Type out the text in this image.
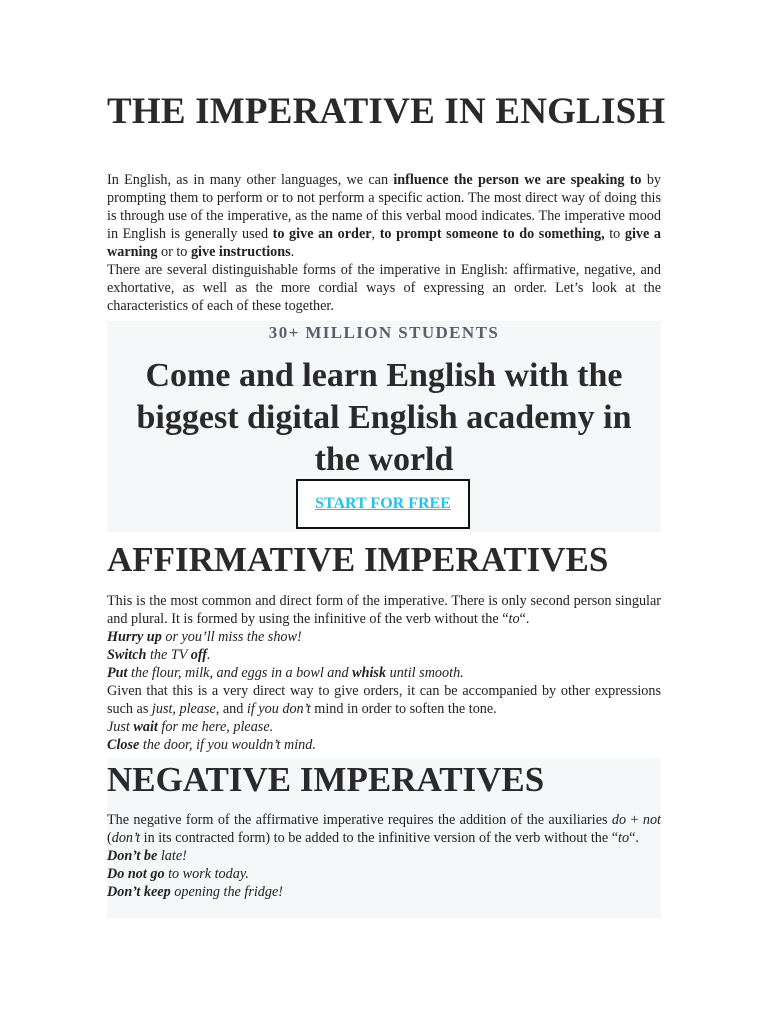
THE IMPERATIVE IN ENGLISH

In English, as in many other languages, we can influence the person we are speaking to by prompting them to perform or to not perform a specific action. The most direct way of doing this is through use of the imperative, as the name of this verbal mood indicates. The imperative mood in English is generally used to give an order, to prompt someone to do something, to give a warning or to give instructions.

There are several distinguishable forms of the imperative in English: affirmative, negative, and exhortative, as well as the more cordial ways of expressing an order. Let’s look at the characteristics of each of these together.

30+ MILLION STUDENTS
Come and learn English with the biggest digital English academy in the world
START FOR FREE
AFFIRMATIVE IMPERATIVES

This is the most common and direct form of the imperative. There is only second person singular and plural. It is formed by using the infinitive of the verb without the “to“.

Hurry up or you’ll miss the show!

Switch the TV off.

Put the flour, milk, and eggs in a bowl and whisk until smooth.

Given that this is a very direct way to give orders, it can be accompanied by other expressions such as just, please, and if you don’t mind in order to soften the tone.

Just wait for me here, please.

Close the door, if you wouldn’t mind.

NEGATIVE IMPERATIVES

The negative form of the affirmative imperative requires the addition of the auxiliaries do + not (don’t in its contracted form) to be added to the infinitive version of the verb without the “to“.

Don’t be late!

Do not go to work today.

Don’t keep opening the fridge!
